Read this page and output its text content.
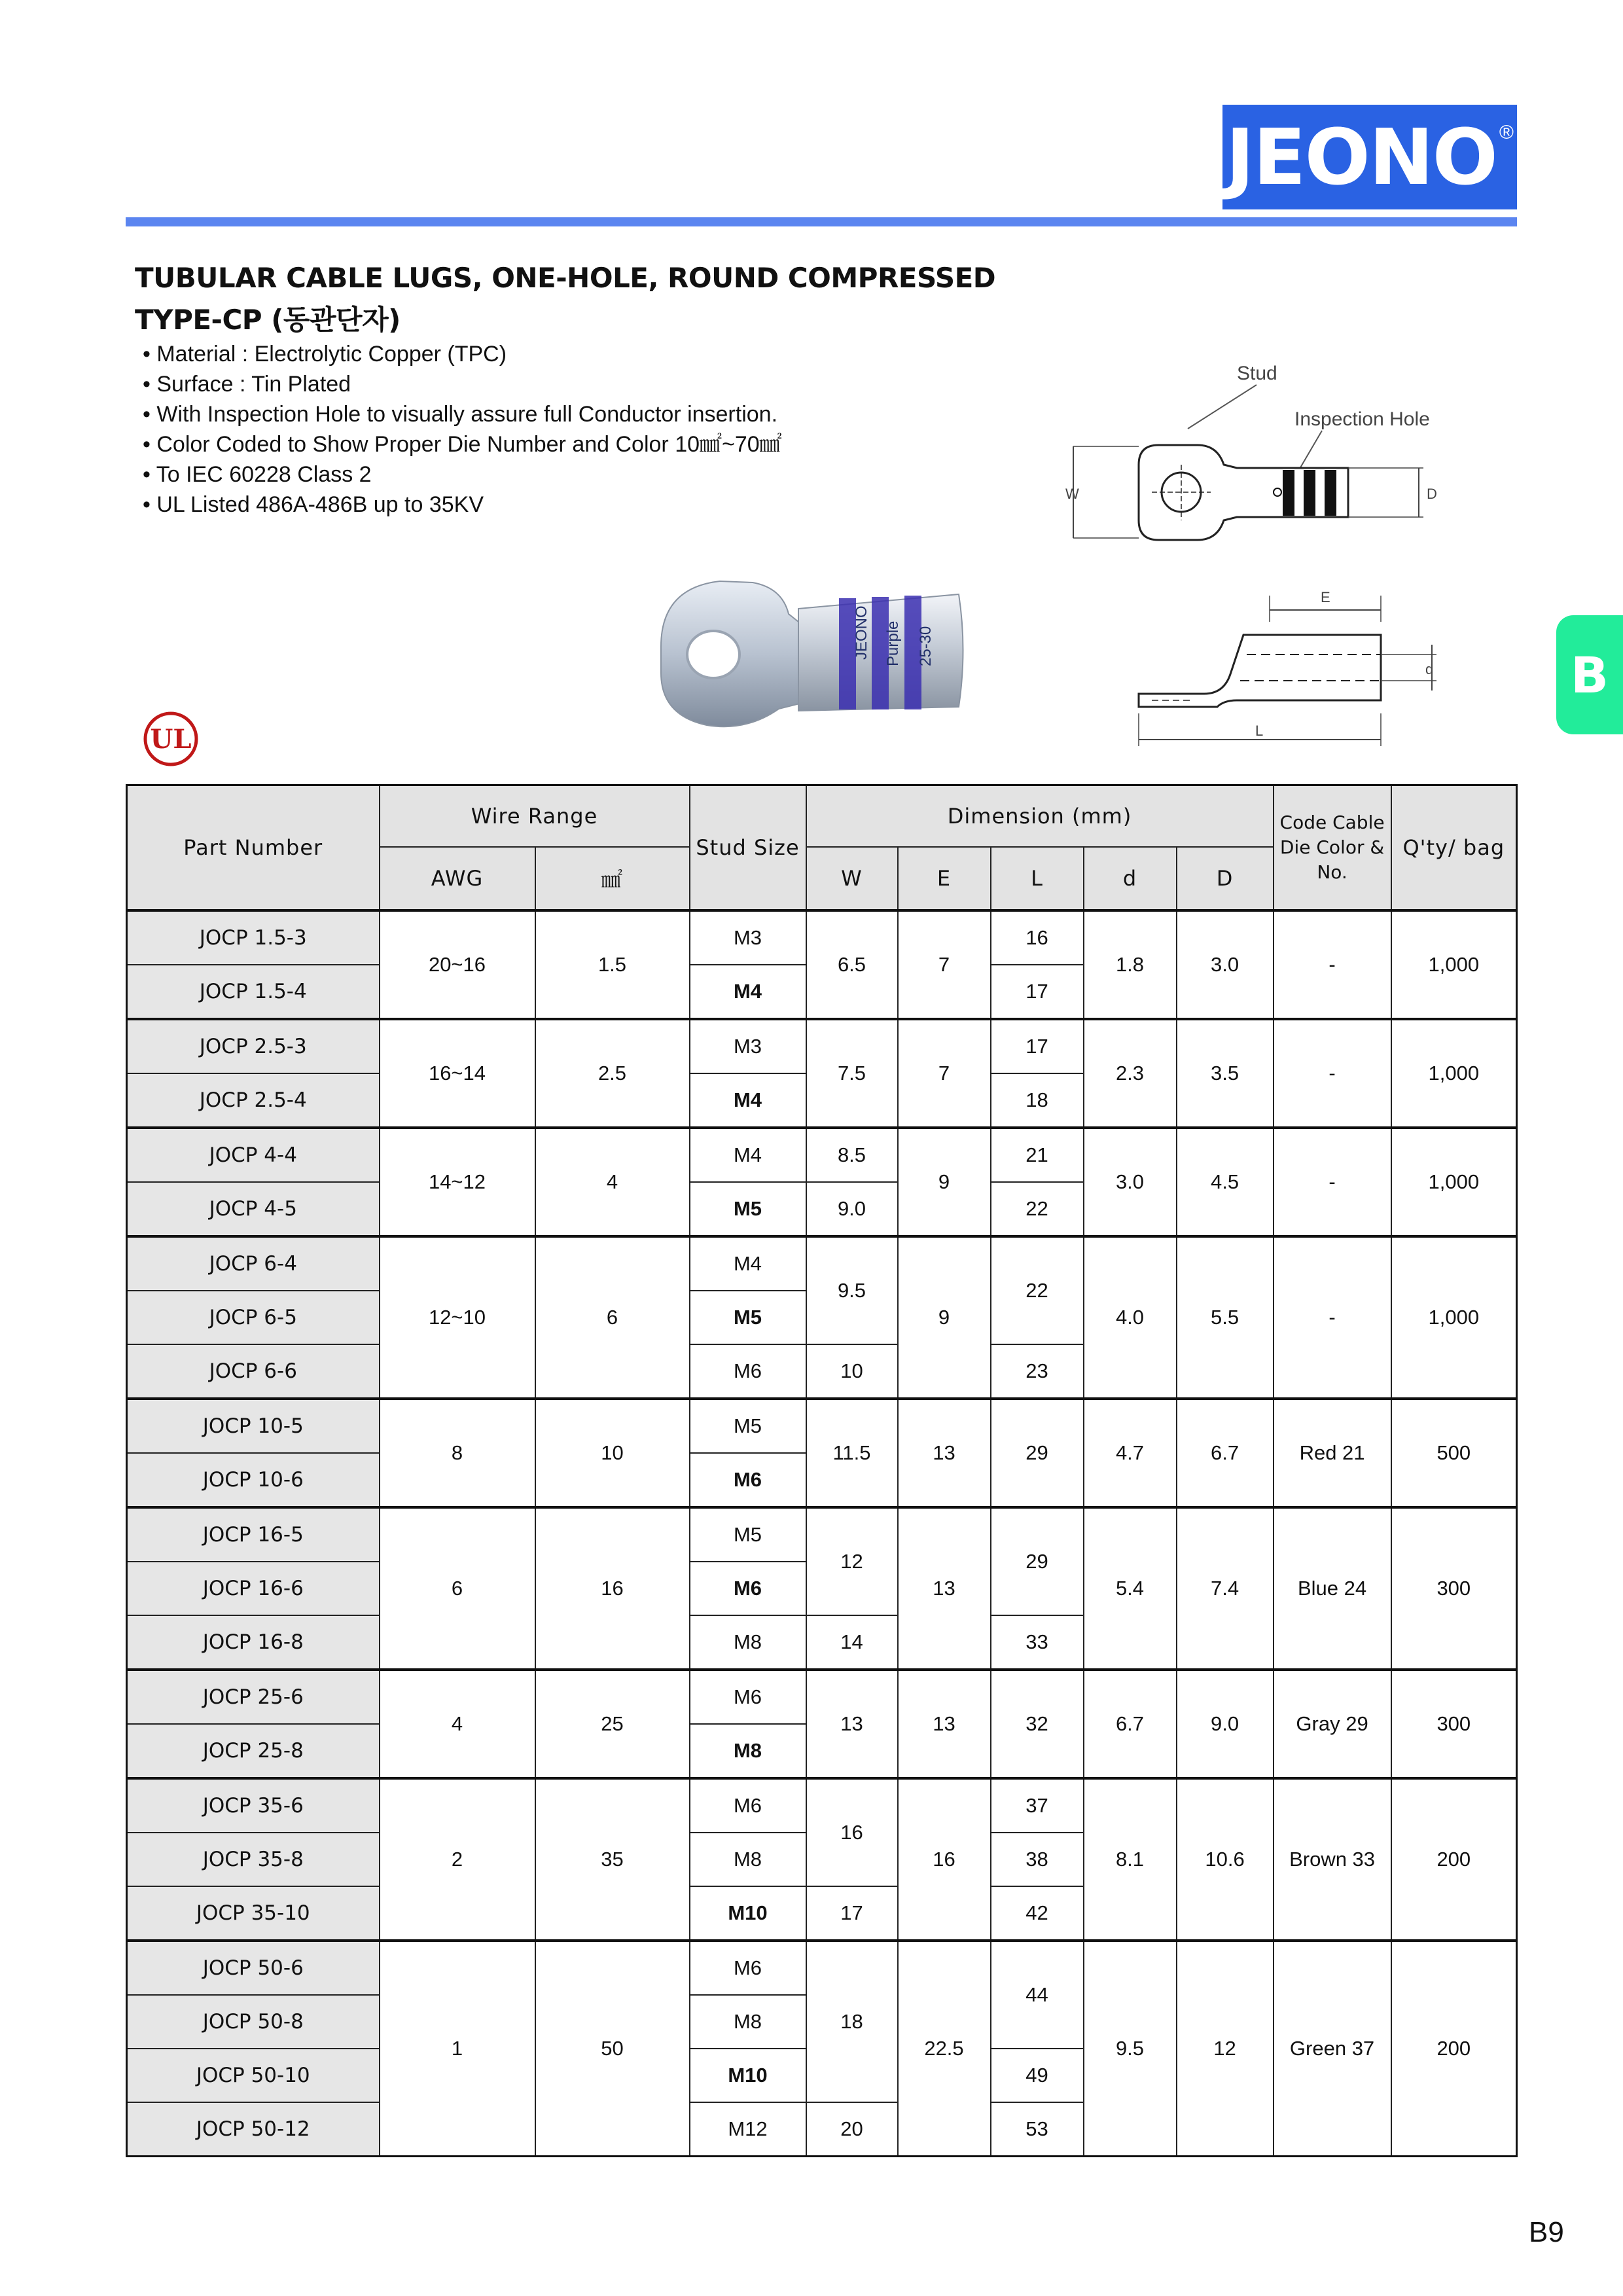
JEONO ®
TUBULAR CABLE LUGS, ONE-HOLE, ROUND COMPRESSED
TYPE-CP (동관단자)
• Material : Electrolytic Copper (TPC)
• Surface : Tin Plated
• With Inspection Hole to visually assure full Conductor insertion.
• Color Coded to Show Proper Die Number and Color 10㎟~70㎟
• To IEC 60228 Class 2
• UL Listed 486A-486B up to 35KV
Stud
Inspection Hole
W	D
E
d
L
JEONO Purple 25-30
UL
B
Part Number	Wire Range		Stud Size	Dimension (mm)					Code Cable Die Color & No.	Q'ty/ bag
	AWG	㎟		W	E	L	d	D		
JOCP 1.5-3	20~16	1.5	M3	6.5	7	16	1.8	3.0	-	1,000
JOCP 1.5-4			M4			17				
JOCP 2.5-3	16~14	2.5	M3	7.5	7	17	2.3	3.5	-	1,000
JOCP 2.5-4			M4			18				
JOCP 4-4	14~12	4	M4	8.5	9	21	3.0	4.5	-	1,000
JOCP 4-5			M5	9.0		22				
JOCP 6-4	12~10	6	M4	9.5	9	22	4.0	5.5	-	1,000
JOCP 6-5			M5							
JOCP 6-6			M6	10		23				
JOCP 10-5	8	10	M5	11.5	13	29	4.7	6.7	Red 21	500
JOCP 10-6			M6							
JOCP 16-5	6	16	M5	12	13	29	5.4	7.4	Blue 24	300
JOCP 16-6			M6							
JOCP 16-8			M8	14		33				
JOCP 25-6	4	25	M6	13	13	32	6.7	9.0	Gray 29	300
JOCP 25-8			M8							
JOCP 35-6	2	35	M6	16	16	37	8.1	10.6	Brown 33	200
JOCP 35-8			M8			38				
JOCP 35-10			M10	17		42				
JOCP 50-6	1	50	M6	18	22.5	44	9.5	12	Green 37	200
JOCP 50-8			M8							
JOCP 50-10			M10			49				
JOCP 50-12			M12	20		53				
B9
